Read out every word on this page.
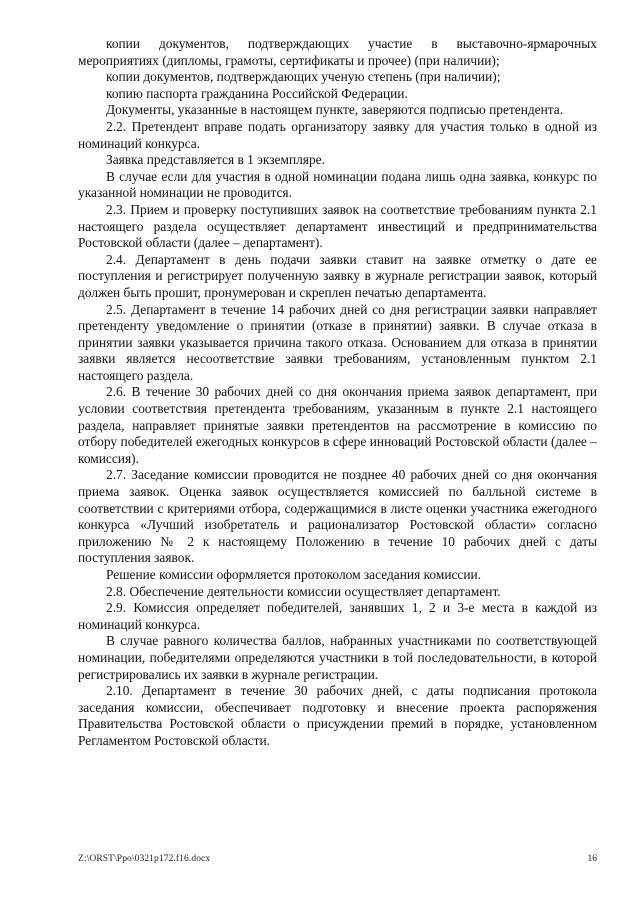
копии документов, подтверждающих участие в выставочно-ярмарочных мероприятиях (дипломы, грамоты, сертификаты и прочее) (при наличии);

копии документов, подтверждающих ученую степень (при наличии);

копию паспорта гражданина Российской Федерации.

Документы, указанные в настоящем пункте, заверяются подписью претендента.

2.2. Претендент вправе подать организатору заявку для участия только в одной из номинаций конкурса.

Заявка представляется в 1 экземпляре.

В случае если для участия в одной номинации подана лишь одна заявка, конкурс по указанной номинации не проводится.

2.3. Прием и проверку поступивших заявок на соответствие требованиям пункта 2.1 настоящего раздела осуществляет департамент инвестиций и предпринимательства Ростовской области (далее – департамент).

2.4. Департамент в день подачи заявки ставит на заявке отметку о дате ее поступления и регистрирует полученную заявку в журнале регистрации заявок, который должен быть прошит, пронумерован и скреплен печатью департамента.

2.5. Департамент в течение 14 рабочих дней со дня регистрации заявки направляет претенденту уведомление о принятии (отказе в принятии) заявки. В случае отказа в принятии заявки указывается причина такого отказа. Основанием для отказа в принятии заявки является несоответствие заявки требованиям, установленным пунктом 2.1 настоящего раздела.

2.6. В течение 30 рабочих дней со дня окончания приема заявок департамент, при условии соответствия претендента требованиям, указанным в пункте 2.1 настоящего раздела, направляет принятые заявки претендентов на рассмотрение в комиссию по отбору победителей ежегодных конкурсов в сфере инноваций Ростовской области (далее – комиссия).

2.7. Заседание комиссии проводится не позднее 40 рабочих дней со дня окончания приема заявок. Оценка заявок осуществляется комиссией по балльной системе в соответствии с критериями отбора, содержащимися в листе оценки участника ежегодного конкурса «Лучший изобретатель и рационализатор Ростовской области» согласно приложению № 2 к настоящему Положению в течение 10 рабочих дней с даты поступления заявок.

Решение комиссии оформляется протоколом заседания комиссии.

2.8. Обеспечение деятельности комиссии осуществляет департамент.

2.9. Комиссия определяет победителей, занявших 1, 2 и 3-е места в каждой из номинаций конкурса.

В случае равного количества баллов, набранных участниками по соответствующей номинации, победителями определяются участники в той последовательности, в которой регистрировались их заявки в журнале регистрации.

2.10. Департамент в течение 30 рабочих дней, с даты подписания протокола заседания комиссии, обеспечивает подготовку и внесение проекта распоряжения Правительства Ростовской области о присуждении премий в порядке, установленном Регламентом Ростовской области.

Z:\ORST\Ppo\0321p172.f16.docx	16
